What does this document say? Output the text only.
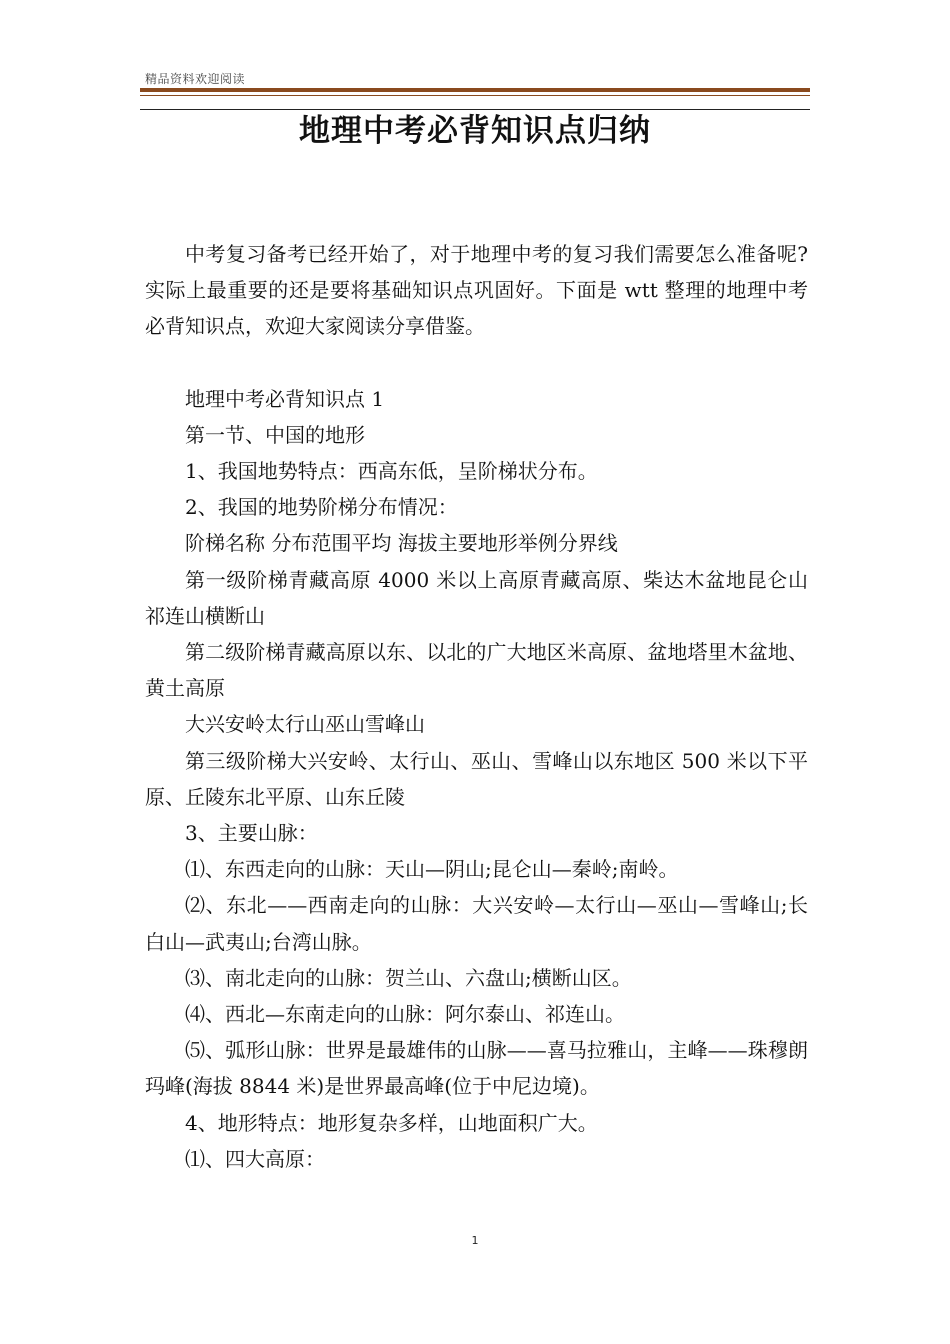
精品资料欢迎阅读
地理中考必背知识点归纳

中考复习备考已经开始了，对于地理中考的复习我们需要怎么准备呢?实际上最重要的还是要将基础知识点巩固好。下面是 wtt 整理的地理中考必背知识点，欢迎大家阅读分享借鉴。

地理中考必背知识点 1

第一节、中国的地形

1、我国地势特点：西高东低，呈阶梯状分布。

2、我国的地势阶梯分布情况：

阶梯名称 分布范围平均 海拔主要地形举例分界线

第一级阶梯青藏高原 4000 米以上高原青藏高原、柴达木盆地昆仑山祁连山横断山

第二级阶梯青藏高原以东、以北的广大地区米高原、盆地塔里木盆地、黄土高原

大兴安岭太行山巫山雪峰山

第三级阶梯大兴安岭、太行山、巫山、雪峰山以东地区 500 米以下平原、丘陵东北平原、山东丘陵

3、主要山脉：

⑴、东西走向的山脉：天山—阴山;昆仑山—秦岭;南岭。

⑵、东北——西南走向的山脉：大兴安岭—太行山—巫山—雪峰山;长白山—武夷山;台湾山脉。

⑶、南北走向的山脉：贺兰山、六盘山;横断山区。

⑷、西北—东南走向的山脉：阿尔泰山、祁连山。

⑸、弧形山脉：世界是最雄伟的山脉——喜马拉雅山，主峰——珠穆朗玛峰(海拔 8844 米)是世界最高峰(位于中尼边境)。

4、地形特点：地形复杂多样，山地面积广大。

⑴、四大高原：

1
